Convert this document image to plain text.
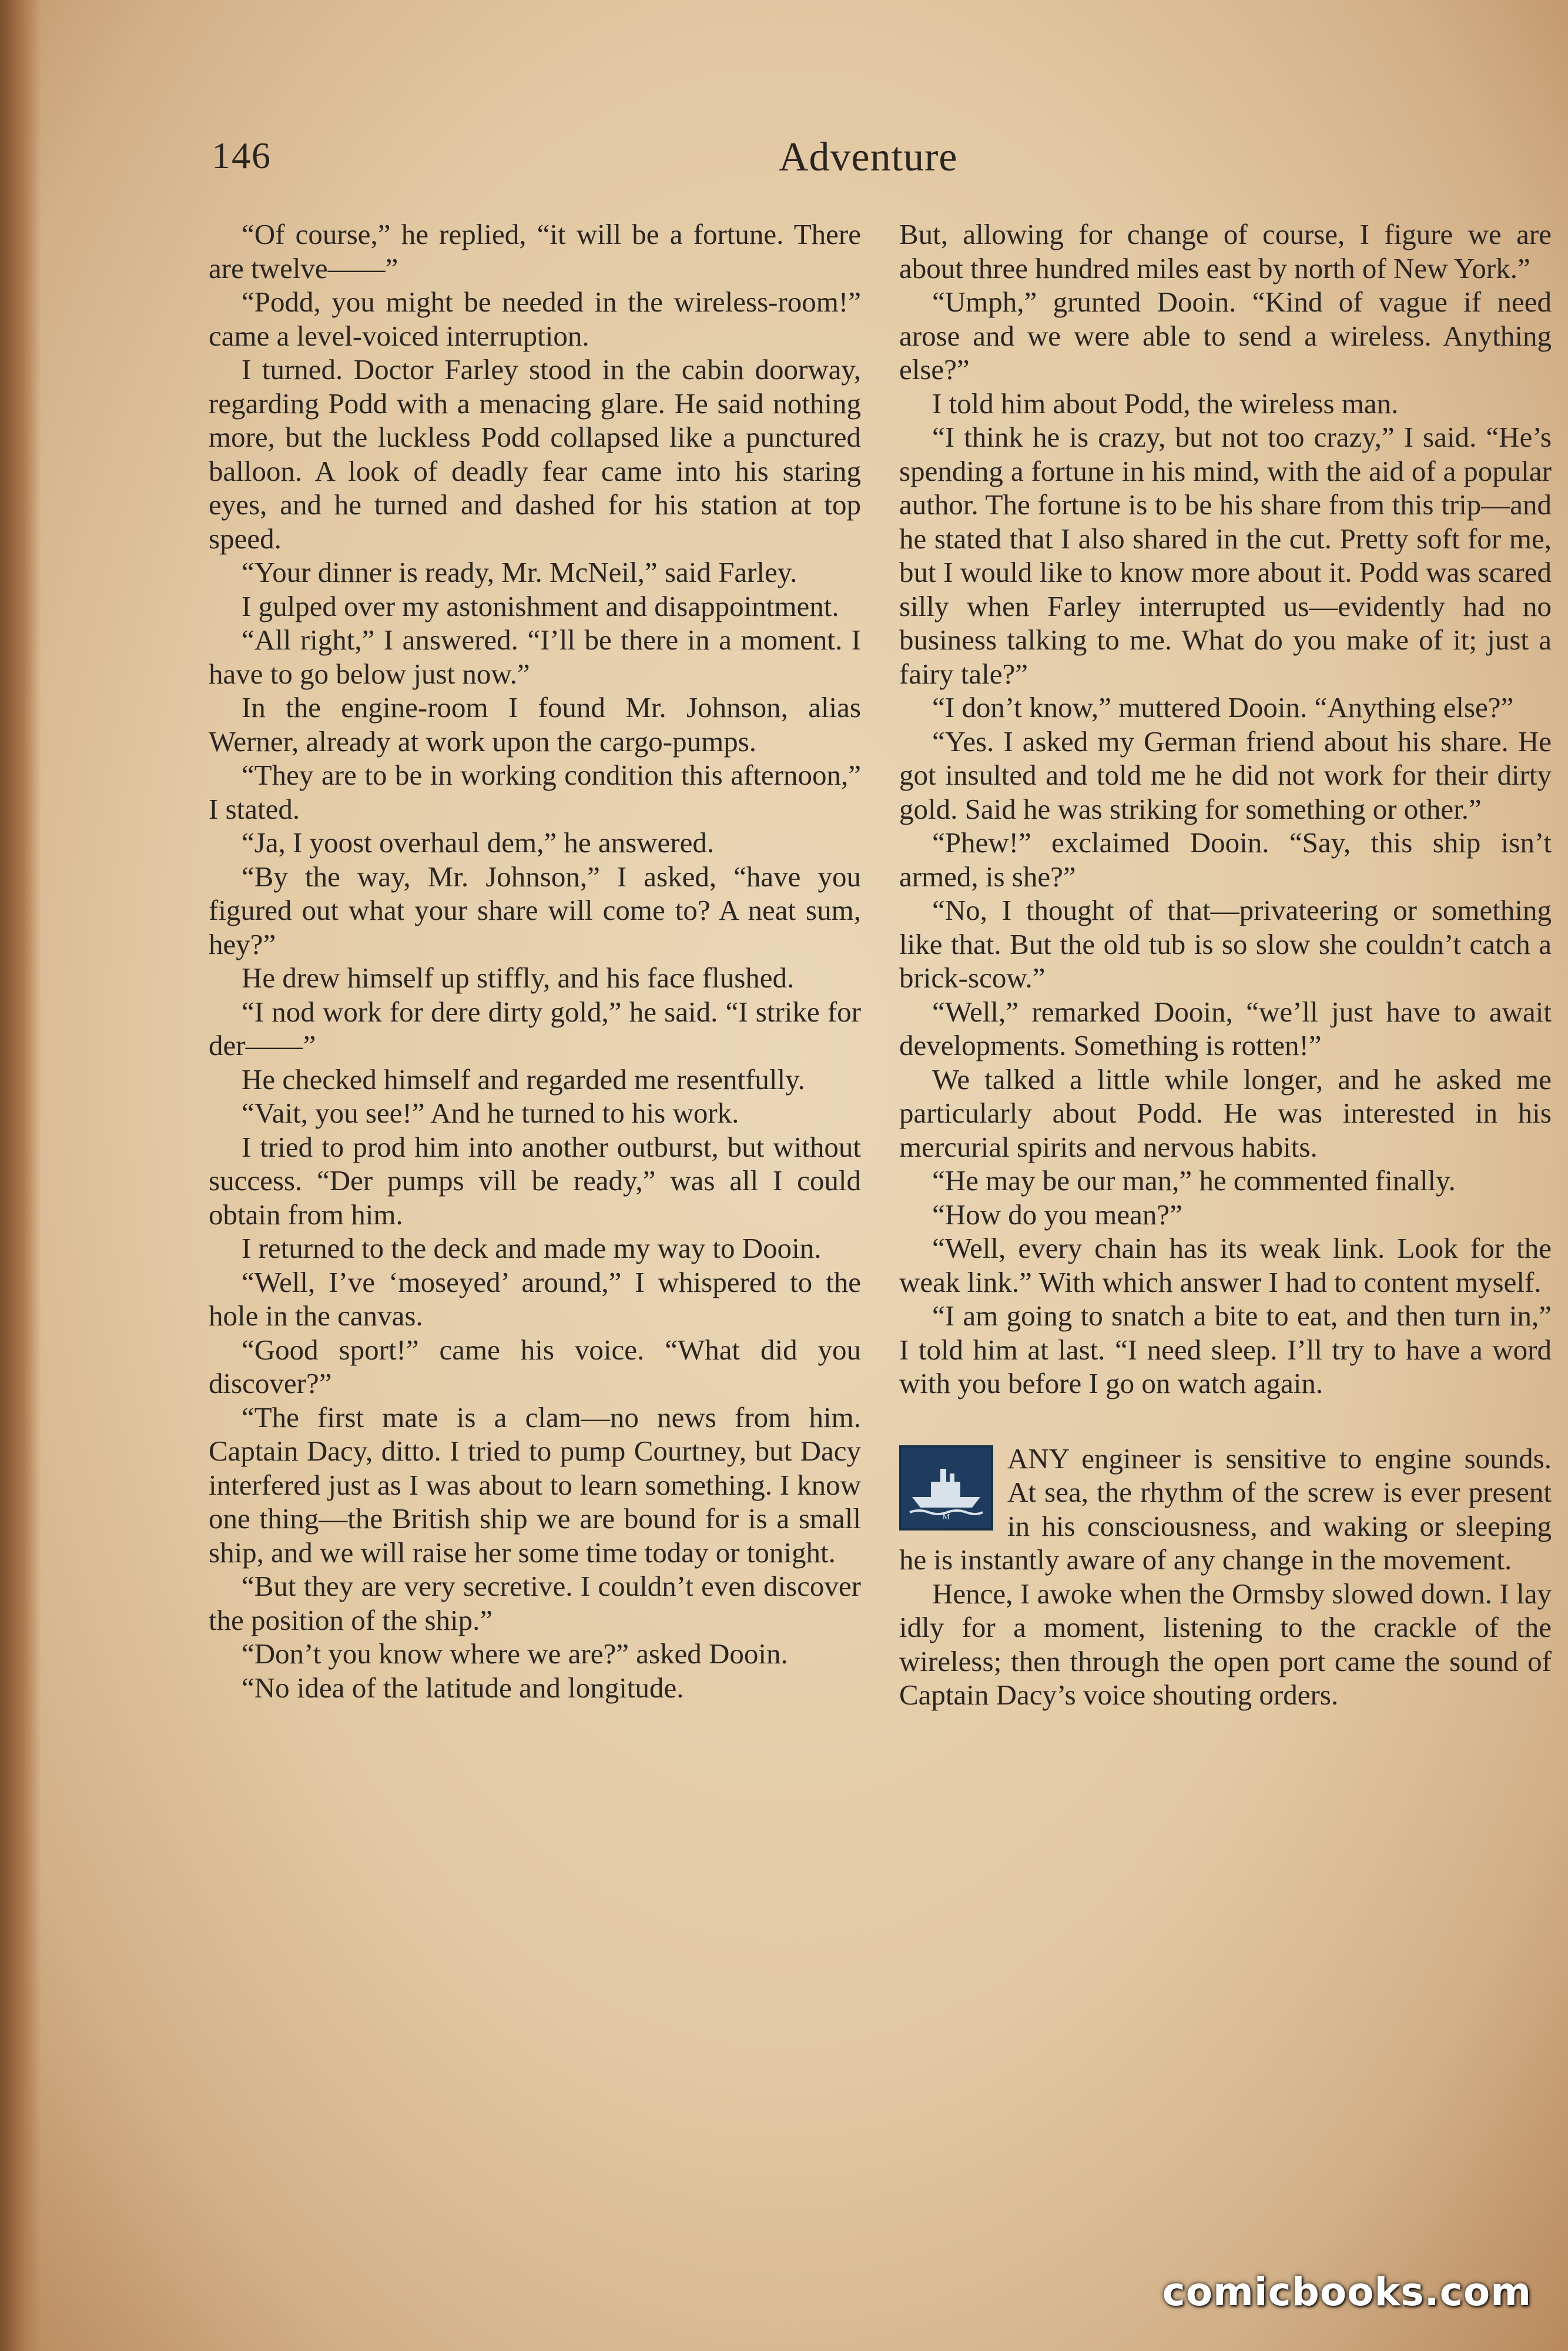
146	Adventure

“Of course,” he replied, “it will be a fortune. There are twelve——”

“Podd, you might be needed in the wireless-room!” came a level-voiced interruption.

I turned. Doctor Farley stood in the cabin doorway, regarding Podd with a menacing glare. He said nothing more, but the luckless Podd collapsed like a punctured balloon. A look of deadly fear came into his staring eyes, and he turned and dashed for his station at top speed.

“Your dinner is ready, Mr. McNeil,” said Farley.

I gulped over my astonishment and disappointment.

“All right,” I answered. “I’ll be there in a moment. I have to go below just now.”

In the engine-room I found Mr. Johnson, alias Werner, already at work upon the cargo-pumps.

“They are to be in working condition this afternoon,” I stated.

“Ja, I yoost overhaul dem,” he answered.

“By the way, Mr. Johnson,” I asked, “have you figured out what your share will come to? A neat sum, hey?”

He drew himself up stiffly, and his face flushed.

“I nod work for dere dirty gold,” he said. “I strike for der——”

He checked himself and regarded me resentfully.

“Vait, you see!” And he turned to his work.

I tried to prod him into another outburst, but without success. “Der pumps vill be ready,” was all I could obtain from him.

I returned to the deck and made my way to Dooin.

“Well, I’ve ‘moseyed’ around,” I whispered to the hole in the canvas.

“Good sport!” came his voice. “What did you discover?”

“The first mate is a clam—no news from him. Captain Dacy, ditto. I tried to pump Courtney, but Dacy interfered just as I was about to learn something. I know one thing—the British ship we are bound for is a small ship, and we will raise her some time today or tonight.

“But they are very secretive. I couldn’t even discover the position of the ship.”

“Don’t you know where we are?” asked Dooin.

“No idea of the latitude and longitude.

But, allowing for change of course, I figure we are about three hundred miles east by north of New York.”

“Umph,” grunted Dooin. “Kind of vague if need arose and we were able to send a wireless. Anything else?”

I told him about Podd, the wireless man.

“I think he is crazy, but not too crazy,” I said. “He’s spending a fortune in his mind, with the aid of a popular author. The fortune is to be his share from this trip—and he stated that I also shared in the cut. Pretty soft for me, but I would like to know more about it. Podd was scared silly when Farley interrupted us—evidently had no business talking to me. What do you make of it; just a fairy tale?”

“I don’t know,” muttered Dooin. “Anything else?”

“Yes. I asked my German friend about his share. He got insulted and told me he did not work for their dirty gold. Said he was striking for something or other.”

“Phew!” exclaimed Dooin. “Say, this ship isn’t armed, is she?”

“No, I thought of that—privateering or something like that. But the old tub is so slow she couldn’t catch a brick-scow.”

“Well,” remarked Dooin, “we’ll just have to await developments. Something is rotten!”

We talked a little while longer, and he asked me particularly about Podd. He was interested in his mercurial spirits and nervous habits.

“He may be our man,” he commented finally.

“How do you mean?”

“Well, every chain has its weak link. Look for the weak link.” With which answer I had to content myself.

“I am going to snatch a bite to eat, and then turn in,” I told him at last. “I need sleep. I’ll try to have a word with you before I go on watch again.

M
ANY engineer is sensitive to engine sounds. At sea, the rhythm of the screw is ever present in his consciousness, and waking or sleeping he is instantly aware of any change in the movement.

Hence, I awoke when the Ormsby slowed down. I lay idly for a moment, listening to the crackle of the wireless; then through the open port came the sound of Captain Dacy’s voice shouting orders.

comicbooks.com
